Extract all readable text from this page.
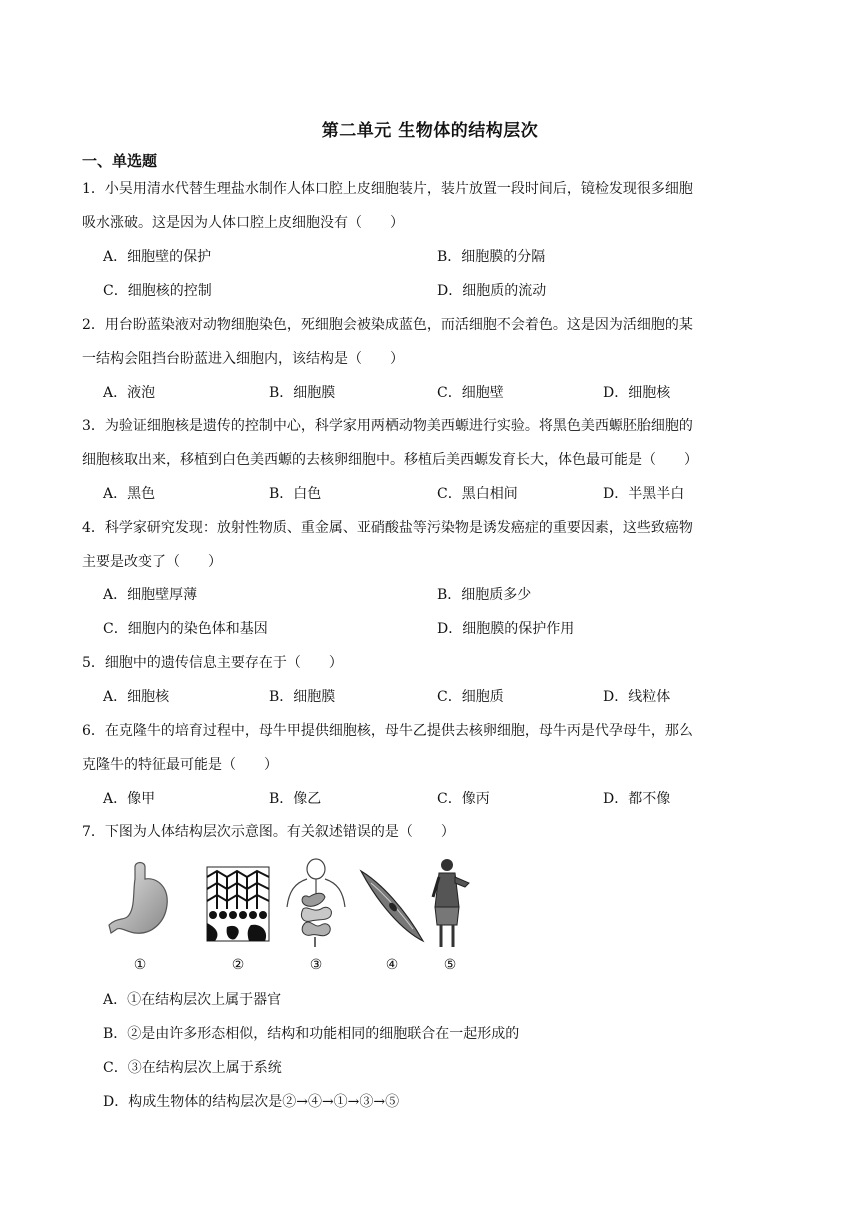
第二单元 生物体的结构层次
一、单选题
1．小吴用清水代替生理盐水制作人体口腔上皮细胞装片，装片放置一段时间后，镜检发现很多细胞
吸水涨破。这是因为人体口腔上皮细胞没有（　　）
A．细胞壁的保护	B．细胞膜的分隔
C．细胞核的控制	D．细胞质的流动
2．用台盼蓝染液对动物细胞染色，死细胞会被染成蓝色，而活细胞不会着色。这是因为活细胞的某
一结构会阻挡台盼蓝进入细胞内，该结构是（　　）
A．液泡	B．细胞膜	C．细胞壁	D．细胞核
3．为验证细胞核是遗传的控制中心，科学家用两栖动物美西螈进行实验。将黑色美西螈胚胎细胞的
细胞核取出来，移植到白色美西螈的去核卵细胞中。移植后美西螈发育长大，体色最可能是（　　）
A．黑色	B．白色	C．黑白相间	D．半黑半白
4．科学家研究发现：放射性物质、重金属、亚硝酸盐等污染物是诱发癌症的重要因素，这些致癌物
主要是改变了（　　）
A．细胞壁厚薄	B．细胞质多少
C．细胞内的染色体和基因	D．细胞膜的保护作用
5．细胞中的遗传信息主要存在于（　　）
A．细胞核	B．细胞膜	C．细胞质	D．线粒体
6．在克隆牛的培育过程中，母牛甲提供细胞核，母牛乙提供去核卵细胞，母牛丙是代孕母牛，那么
克隆牛的特征最可能是（　　）
A．像甲	B．像乙	C．像丙	D．都不像
7．下图为人体结构层次示意图。有关叙述错误的是（　　）
①	②	③	④	⑤
A．①在结构层次上属于器官
B．②是由许多形态相似，结构和功能相同的细胞联合在一起形成的
C．③在结构层次上属于系统
D．构成生物体的结构层次是②→④→①→③→⑤
